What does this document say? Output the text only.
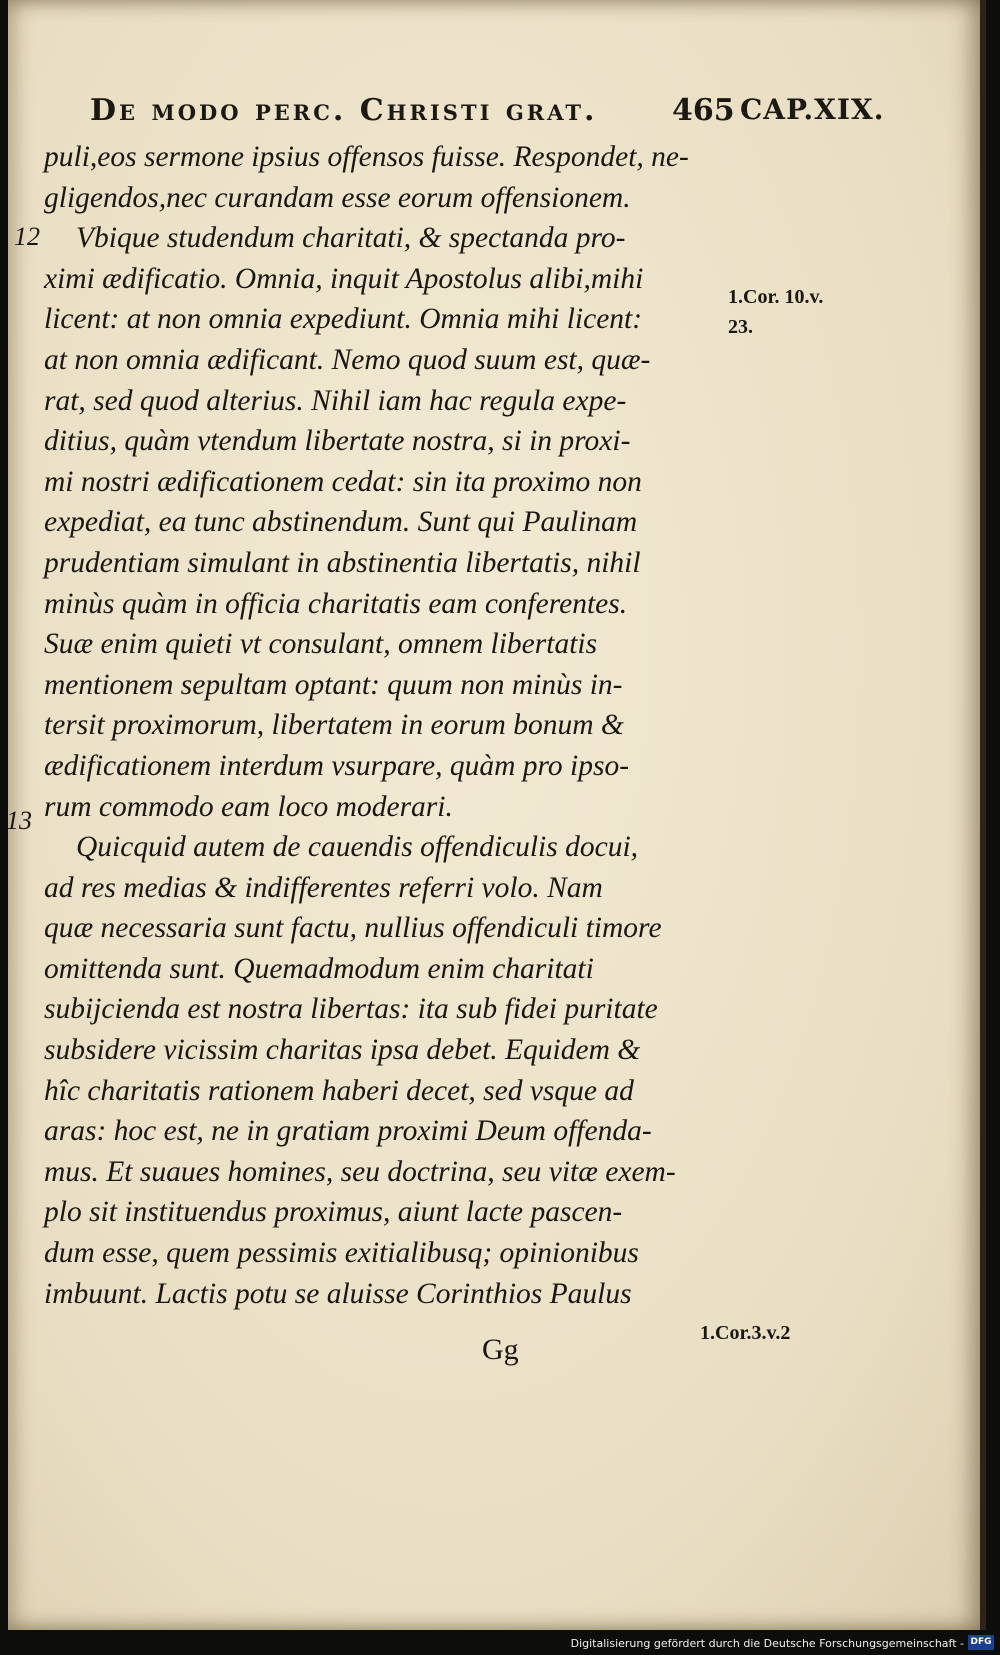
De modo perc. Christi grat. 465 CAP.XIX.
12
13
puli,eos sermone ipsius offensos fuisse. Respondet, ne-
gligendos,nec curandam esse eorum offensionem.
Vbique studendum charitati, & spectanda pro-
ximi ædificatio. Omnia, inquit Apostolus alibi,mihi
licent: at non omnia expediunt. Omnia mihi licent:
at non omnia ædificant. Nemo quod suum est, quæ-
rat, sed quod alterius. Nihil iam hac regula expe-
ditius, quàm vtendum libertate nostra, si in proxi-
mi nostri ædificationem cedat: sin ita proximo non
expediat, ea tunc abstinendum. Sunt qui Paulinam
prudentiam simulant in abstinentia libertatis, nihil
minùs quàm in officia charitatis eam conferentes.
Suæ enim quieti vt consulant, omnem libertatis
mentionem sepultam optant: quum non minùs in-
tersit proximorum, libertatem in eorum bonum &
ædificationem interdum vsurpare, quàm pro ipso-
rum commodo eam loco moderari.
Quicquid autem de cauendis offendiculis docui,
ad res medias & indifferentes referri volo. Nam
quæ necessaria sunt factu, nullius offendiculi timore
omittenda sunt. Quemadmodum enim charitati
subijcienda est nostra libertas: ita sub fidei puritate
subsidere vicissim charitas ipsa debet. Equidem &
hîc charitatis rationem haberi decet, sed vsque ad
aras: hoc est, ne in gratiam proximi Deum offenda-
mus. Et suaues homines, seu doctrina, seu vitæ exem-
plo sit instituendus proximus, aiunt lacte pascen-
dum esse, quem pessimis exitialibusq; opinionibus
imbuunt. Lactis potu se aluisse Corinthios Paulus
1.Cor. 10.v.
23.
1.Cor.3.v.2
Gg
Digitalisierung gefördert durch die Deutsche Forschungsgemeinschaft - DFG
